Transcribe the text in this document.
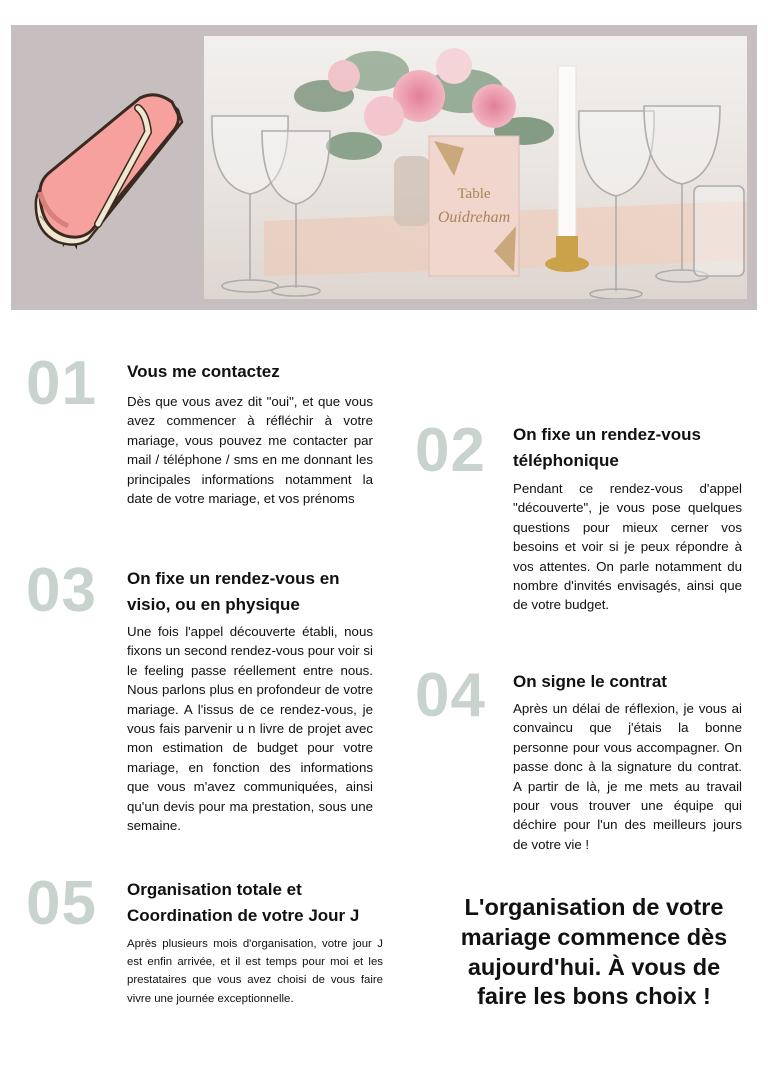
Table
Ouidreham
01 Vous me contactez

Dès que vous avez dit "oui", et que vous avez commencer à réfléchir à votre mariage, vous pouvez me contacter par mail / téléphone / sms en me donnant les principales informations notamment la date de votre mariage, et vos prénoms

02 On fixe un rendez-vous téléphonique

Pendant ce rendez-vous d'appel "découverte", je vous pose quelques questions pour mieux cerner vos besoins et voir si je peux répondre à vos attentes. On parle notamment du nombre d'invités envisagés, ainsi que de votre budget.

03 On fixe un rendez-vous en visio, ou en physique

Une fois l'appel découverte établi, nous fixons un second rendez-vous pour voir si le feeling passe réellement entre nous. Nous parlons plus en profondeur de votre mariage. A l'issus de ce rendez-vous, je vous fais parvenir u n livre de projet avec mon estimation de budget pour votre mariage, en fonction des informations que vous m'avez communiquées, ainsi qu'un devis pour ma prestation, sous une semaine.

04 On signe le contrat

Après un délai de réflexion, je vous ai convaincu que j'étais la bonne personne pour vous accompagner. On passe donc à la signature du contrat. A partir de là, je me mets au travail pour vous trouver une équipe qui déchire pour l'un des meilleurs jours de votre vie !

05 Organisation totale et Coordination de votre Jour J

Après plusieurs mois d'organisation, votre jour J est enfin arrivée, et il est temps pour moi et les prestataires que vous avez choisi de vous faire vivre une journée exceptionnelle.

L'organisation de votre mariage commence dès aujourd'hui. À vous de faire les bons choix !
